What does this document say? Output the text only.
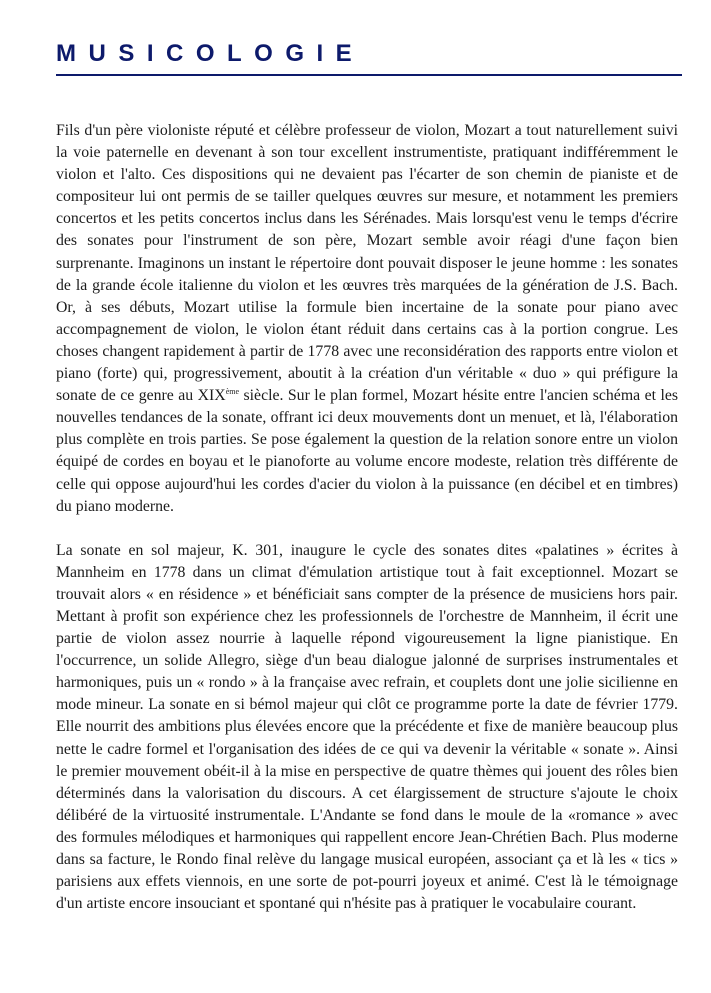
MUSICOLOGIE

Fils d'un père violoniste réputé et célèbre professeur de violon, Mozart a tout naturellement suivi la voie paternelle en devenant à son tour excellent instrumentiste, pratiquant indifféremment le violon et l'alto. Ces dispositions qui ne devaient pas l'écarter de son chemin de pianiste et de compositeur lui ont permis de se tailler quelques œuvres sur mesure, et notamment les premiers concertos et les petits concertos inclus dans les Sérénades. Mais lorsqu'est venu le temps d'écrire des sonates pour l'instrument de son père, Mozart semble avoir réagi d'une façon bien surprenante. Imaginons un instant le répertoire dont pouvait disposer le jeune homme : les sonates de la grande école italienne du violon et les œuvres très marquées de la génération de J.S. Bach. Or, à ses débuts, Mozart utilise la formule bien incertaine de la sonate pour piano avec accompagnement de violon, le violon étant réduit dans certains cas à la portion congrue. Les choses changent rapidement à partir de 1778 avec une reconsidération des rapports entre violon et piano (forte) qui, progressivement, aboutit à la création d'un véritable « duo » qui préfigure la sonate de ce genre au XIXème siècle. Sur le plan formel, Mozart hésite entre l'ancien schéma et les nouvelles tendances de la sonate, offrant ici deux mouvements dont un menuet, et là, l'élaboration plus complète en trois parties. Se pose également la question de la relation sonore entre un violon équipé de cordes en boyau et le pianoforte au volume encore modeste, relation très différente de celle qui oppose aujourd'hui les cordes d'acier du violon à la puissance (en décibel et en timbres) du piano moderne.

La sonate en sol majeur, K. 301, inaugure le cycle des sonates dites «palatines » écrites à Mannheim en 1778 dans un climat d'émulation artistique tout à fait exceptionnel. Mozart se trouvait alors « en résidence » et bénéficiait sans compter de la présence de musiciens hors pair. Mettant à profit son expérience chez les professionnels de l'orchestre de Mannheim, il écrit une partie de violon assez nourrie à laquelle répond vigoureusement la ligne pianistique. En l'occurrence, un solide Allegro, siège d'un beau dialogue jalonné de surprises instrumentales et harmoniques, puis un « rondo » à la française avec refrain, et couplets dont une jolie sicilienne en mode mineur. La sonate en si bémol majeur qui clôt ce programme porte la date de février 1779. Elle nourrit des ambitions plus élevées encore que la précédente et fixe de manière beaucoup plus nette le cadre formel et l'organisation des idées de ce qui va devenir la véritable « sonate ». Ainsi le premier mouvement obéit-il à la mise en perspective de quatre thèmes qui jouent des rôles bien déterminés dans la valorisation du discours. A cet élargissement de structure s'ajoute le choix délibéré de la virtuosité instrumentale. L'Andante se fond dans le moule de la «romance » avec des formules mélodiques et harmoniques qui rappellent encore Jean-Chrétien Bach. Plus moderne dans sa facture, le Rondo final relève du langage musical européen, associant ça et là les « tics » parisiens aux effets viennois, en une sorte de pot-pourri joyeux et animé. C'est là le témoignage d'un artiste encore insouciant et spontané qui n'hésite pas à pratiquer le vocabulaire courant.
